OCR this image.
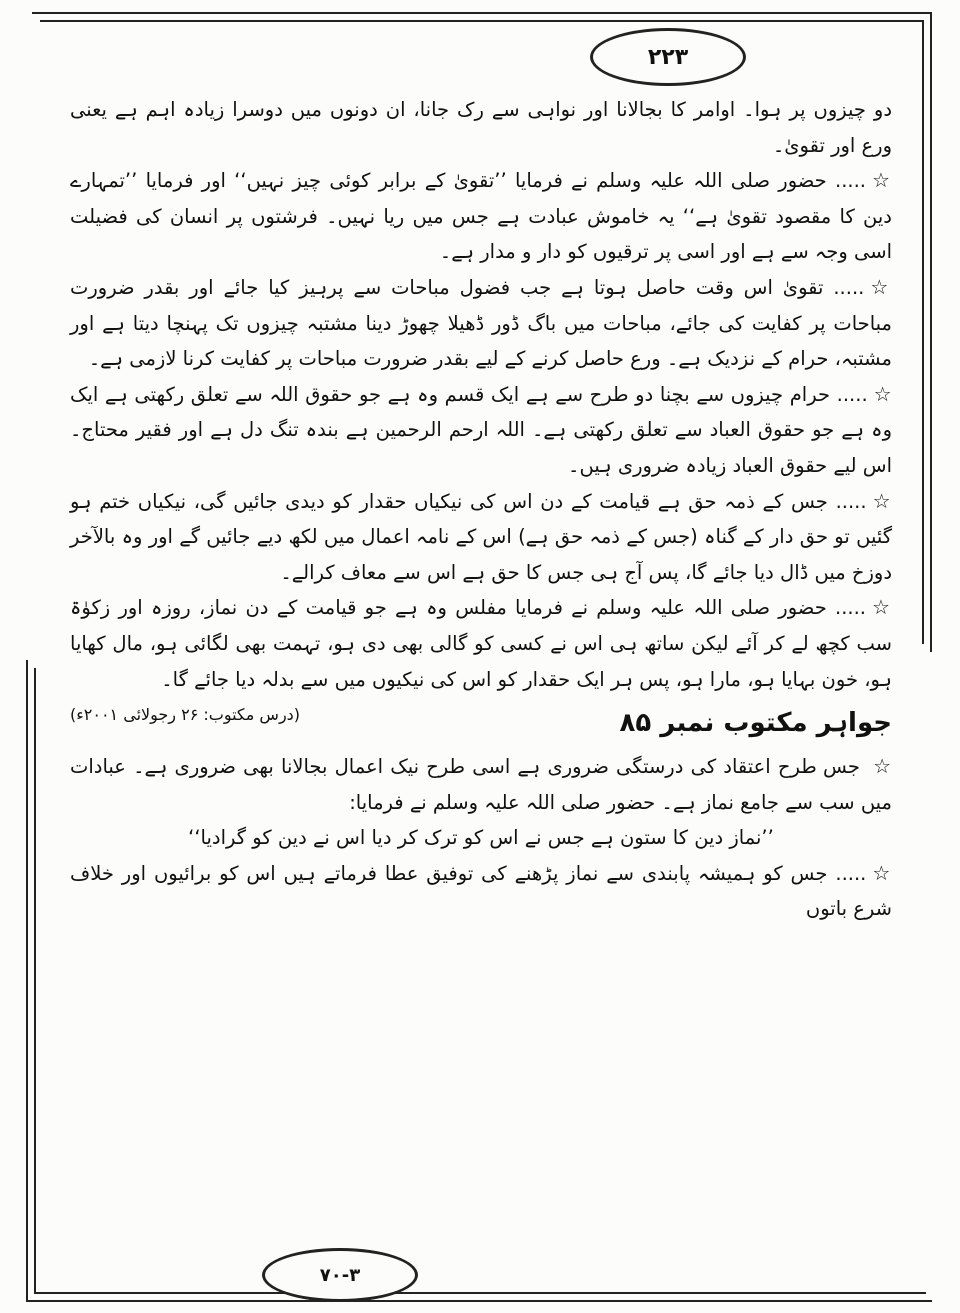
۲۲۳
۷۰-۳

دو چیزوں پر ہوا۔ اوامر کا بجالانا اور نواہی سے رک جانا، ان دونوں میں دوسرا زیادہ اہم ہے یعنی ورع اور تقویٰ۔

☆..... حضور صلی اللہ علیہ وسلم نے فرمایا ’’تقویٰ کے برابر کوئی چیز نہیں‘‘ اور فرمایا ’’تمہارے دین کا مقصود تقویٰ ہے‘‘ یہ خاموش عبادت ہے جس میں ریا نہیں۔ فرشتوں پر انسان کی فضیلت اسی وجہ سے ہے اور اسی پر ترقیوں کو دار و مدار ہے۔

☆..... تقویٰ اس وقت حاصل ہوتا ہے جب فضول مباحات سے پرہیز کیا جائے اور بقدر ضرورت مباحات پر کفایت کی جائے، مباحات میں باگ ڈور ڈھیلا چھوڑ دینا مشتبہ چیزوں تک پہنچا دیتا ہے اور مشتبہ، حرام کے نزدیک ہے۔ ورع حاصل کرنے کے لیے بقدر ضرورت مباحات پر کفایت کرنا لازمی ہے۔

☆..... حرام چیزوں سے بچنا دو طرح سے ہے ایک قسم وہ ہے جو حقوق اللہ سے تعلق رکھتی ہے ایک وہ ہے جو حقوق العباد سے تعلق رکھتی ہے۔ اللہ ارحم الرحمین ہے بندہ تنگ دل ہے اور فقیر محتاج۔ اس لیے حقوق العباد زیادہ ضروری ہیں۔

☆..... جس کے ذمہ حق ہے قیامت کے دن اس کی نیکیاں حقدار کو دیدی جائیں گی، نیکیاں ختم ہو گئیں تو حق دار کے گناہ (جس کے ذمہ حق ہے) اس کے نامہ اعمال میں لکھ دیے جائیں گے اور وہ بالآخر دوزخ میں ڈال دیا جائے گا، پس آج ہی جس کا حق ہے اس سے معاف کرالے۔

☆..... حضور صلی اللہ علیہ وسلم نے فرمایا مفلس وہ ہے جو قیامت کے دن نماز، روزہ اور زکوٰۃ سب کچھ لے کر آئے لیکن ساتھ ہی اس نے کسی کو گالی بھی دی ہو، تہمت بھی لگائی ہو، مال کھایا ہو، خون بہایا ہو، مارا ہو، پس ہر ایک حقدار کو اس کی نیکیوں میں سے بدلہ دیا جائے گا۔
(درس مکتوب: ۲۶ رجولائی ۲۰۰۱ء)	جواہر مکتوب نمبر ۸۵

☆ جس طرح اعتقاد کی درستگی ضروری ہے اسی طرح نیک اعمال بجالانا بھی ضروری ہے۔ عبادات میں سب سے جامع نماز ہے۔ حضور صلی اللہ علیہ وسلم نے فرمایا:

’’نماز دین کا ستون ہے جس نے اس کو ترک کر دیا اس نے دین کو گرادیا‘‘

☆..... جس کو ہمیشہ پابندی سے نماز پڑھنے کی توفیق عطا فرماتے ہیں اس کو برائیوں اور خلاف شرع باتوں
